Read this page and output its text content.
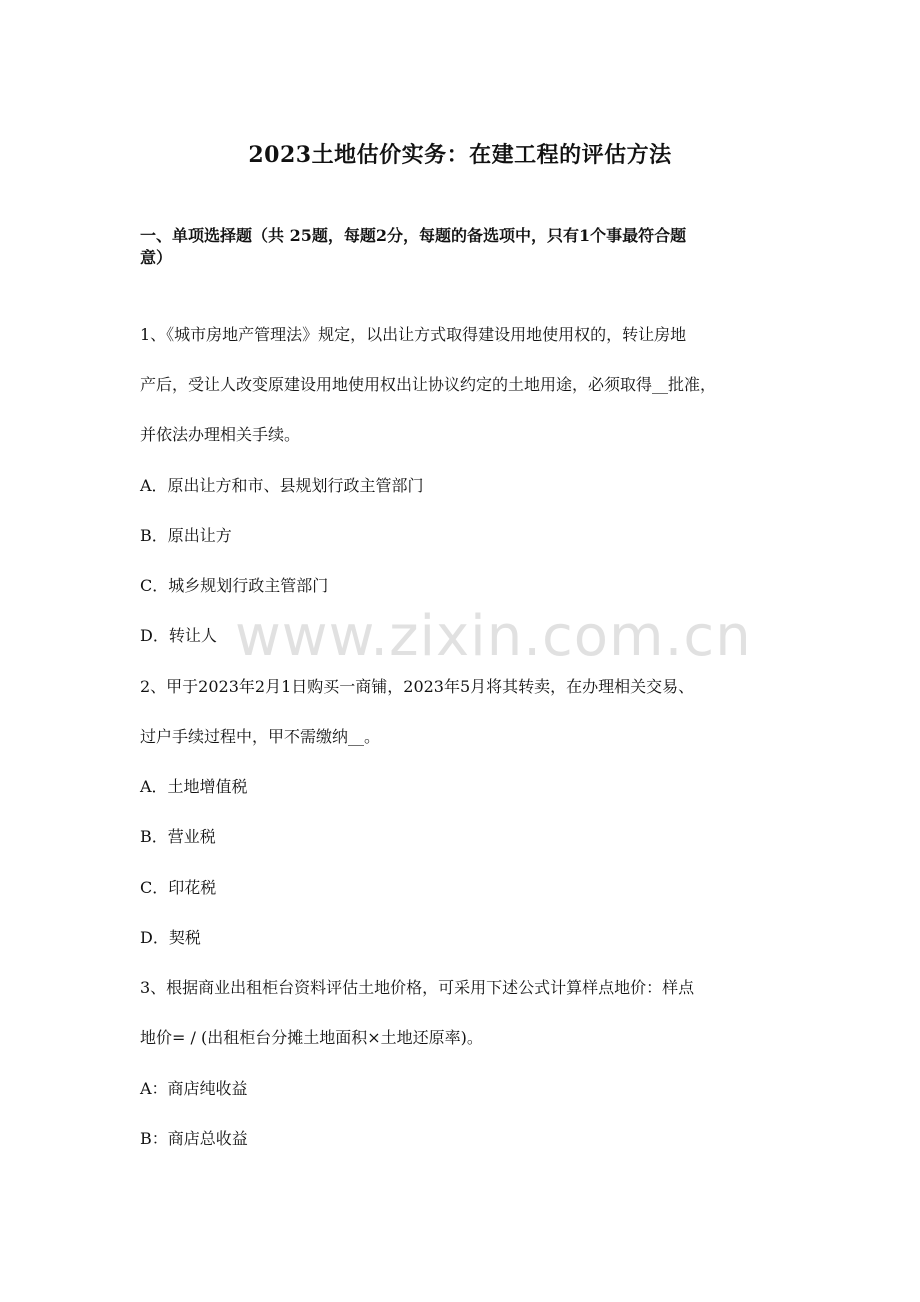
2023土地估价实务：在建工程的评估方法
一、单项选择题（共 25题，每题2分，每题的备选项中，只有1个事最符合题
意）
1、《城市房地产管理法》规定，以出让方式取得建设用地使用权的，转让房地
产后，受让人改变原建设用地使用权出让协议约定的土地用途，必须取得__批准，
并依法办理相关手续。
A．原出让方和市、县规划行政主管部门
B．原出让方
C．城乡规划行政主管部门
D．转让人
2、甲于2023年2月1日购买一商铺，2023年5月将其转卖，在办理相关交易、
过户手续过程中，甲不需缴纳__。
A．土地增值税
B．营业税
C．印花税
D．契税
3、根据商业出租柜台资料评估土地价格，可采用下述公式计算样点地价：样点
地价= / (出租柜台分摊土地面积×土地还原率)。
A：商店纯收益
B：商店总收益
www.zixin.com.cn
